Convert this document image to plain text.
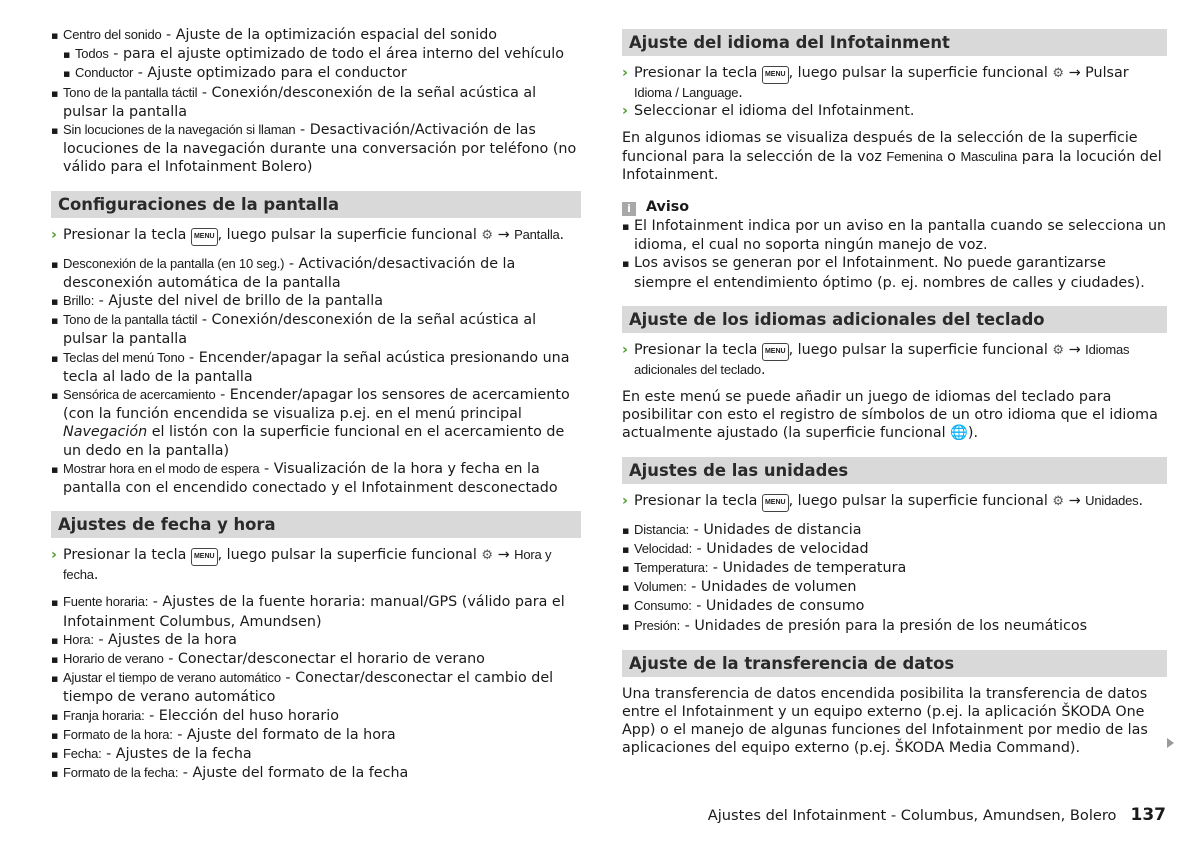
▪ Centro del sonido - Ajuste de la optimización espacial del sonido
▪ Todos - para el ajuste optimizado de todo el área interno del vehículo
▪ Conductor - Ajuste optimizado para el conductor
▪ Tono de la pantalla táctil - Conexión/desconexión de la señal acústica al pulsar la pantalla
▪ Sin locuciones de la navegación si llaman - Desactivación/Activación de las locuciones de la navegación durante una conversación por teléfono (no válido para el Infotainment Bolero)
Configuraciones de la pantalla
› Presionar la tecla MENU , luego pulsar la superficie funcional ⚙ → Pantalla.
▪ Desconexión de la pantalla (en 10 seg.) - Activación/desactivación de la desconexión automática de la pantalla
▪ Brillo: - Ajuste del nivel de brillo de la pantalla
▪ Tono de la pantalla táctil - Conexión/desconexión de la señal acústica al pulsar la pantalla
▪ Teclas del menú Tono - Encender/apagar la señal acústica presionando una tecla al lado de la pantalla
▪ Sensórica de acercamiento - Encender/apagar los sensores de acercamiento (con la función encendida se visualiza p.ej. en el menú principal Navegación el listón con la superficie funcional en el acercamiento de un dedo en la pantalla)
▪ Mostrar hora en el modo de espera - Visualización de la hora y fecha en la pantalla con el encendido conectado y el Infotainment desconectado
Ajustes de fecha y hora
› Presionar la tecla MENU , luego pulsar la superficie funcional ⚙ → Hora y fecha.
▪ Fuente horaria: - Ajustes de la fuente horaria: manual/GPS (válido para el Infotainment Columbus, Amundsen)
▪ Hora: - Ajustes de la hora
▪ Horario de verano - Conectar/desconectar el horario de verano
▪ Ajustar el tiempo de verano automático - Conectar/desconectar el cambio del tiempo de verano automático
▪ Franja horaria: - Elección del huso horario
▪ Formato de la hora: - Ajuste del formato de la hora
▪ Fecha: - Ajustes de la fecha
▪ Formato de la fecha: - Ajuste del formato de la fecha
Ajuste del idioma del Infotainment
› Presionar la tecla MENU , luego pulsar la superficie funcional ⚙ → Pulsar Idioma / Language.
› Seleccionar el idioma del Infotainment.
En algunos idiomas se visualiza después de la selección de la superficie funcional para la selección de la voz Femenina o Masculina para la locución del Infotainment.
i Aviso
▪ El Infotainment indica por un aviso en la pantalla cuando se selecciona un idioma, el cual no soporta ningún manejo de voz.
▪ Los avisos se generan por el Infotainment. No puede garantizarse siempre el entendimiento óptimo (p. ej. nombres de calles y ciudades).
Ajuste de los idiomas adicionales del teclado
› Presionar la tecla MENU , luego pulsar la superficie funcional ⚙ → Idiomas adicionales del teclado.
En este menú se puede añadir un juego de idiomas del teclado para posibilitar con esto el registro de símbolos de un otro idioma que el idioma actualmente ajustado (la superficie funcional 🌐).
Ajustes de las unidades
› Presionar la tecla MENU , luego pulsar la superficie funcional ⚙ → Unidades.
▪ Distancia: - Unidades de distancia
▪ Velocidad: - Unidades de velocidad
▪ Temperatura: - Unidades de temperatura
▪ Volumen: - Unidades de volumen
▪ Consumo: - Unidades de consumo
▪ Presión: - Unidades de presión para la presión de los neumáticos
Ajuste de la transferencia de datos
Una transferencia de datos encendida posibilita la transferencia de datos entre el Infotainment y un equipo externo (p.ej. la aplicación ŠKODA One App) o el manejo de algunas funciones del Infotainment por medio de las aplicaciones del equipo externo (p.ej. ŠKODA Media Command).
Ajustes del Infotainment - Columbus, Amundsen, Bolero 137
